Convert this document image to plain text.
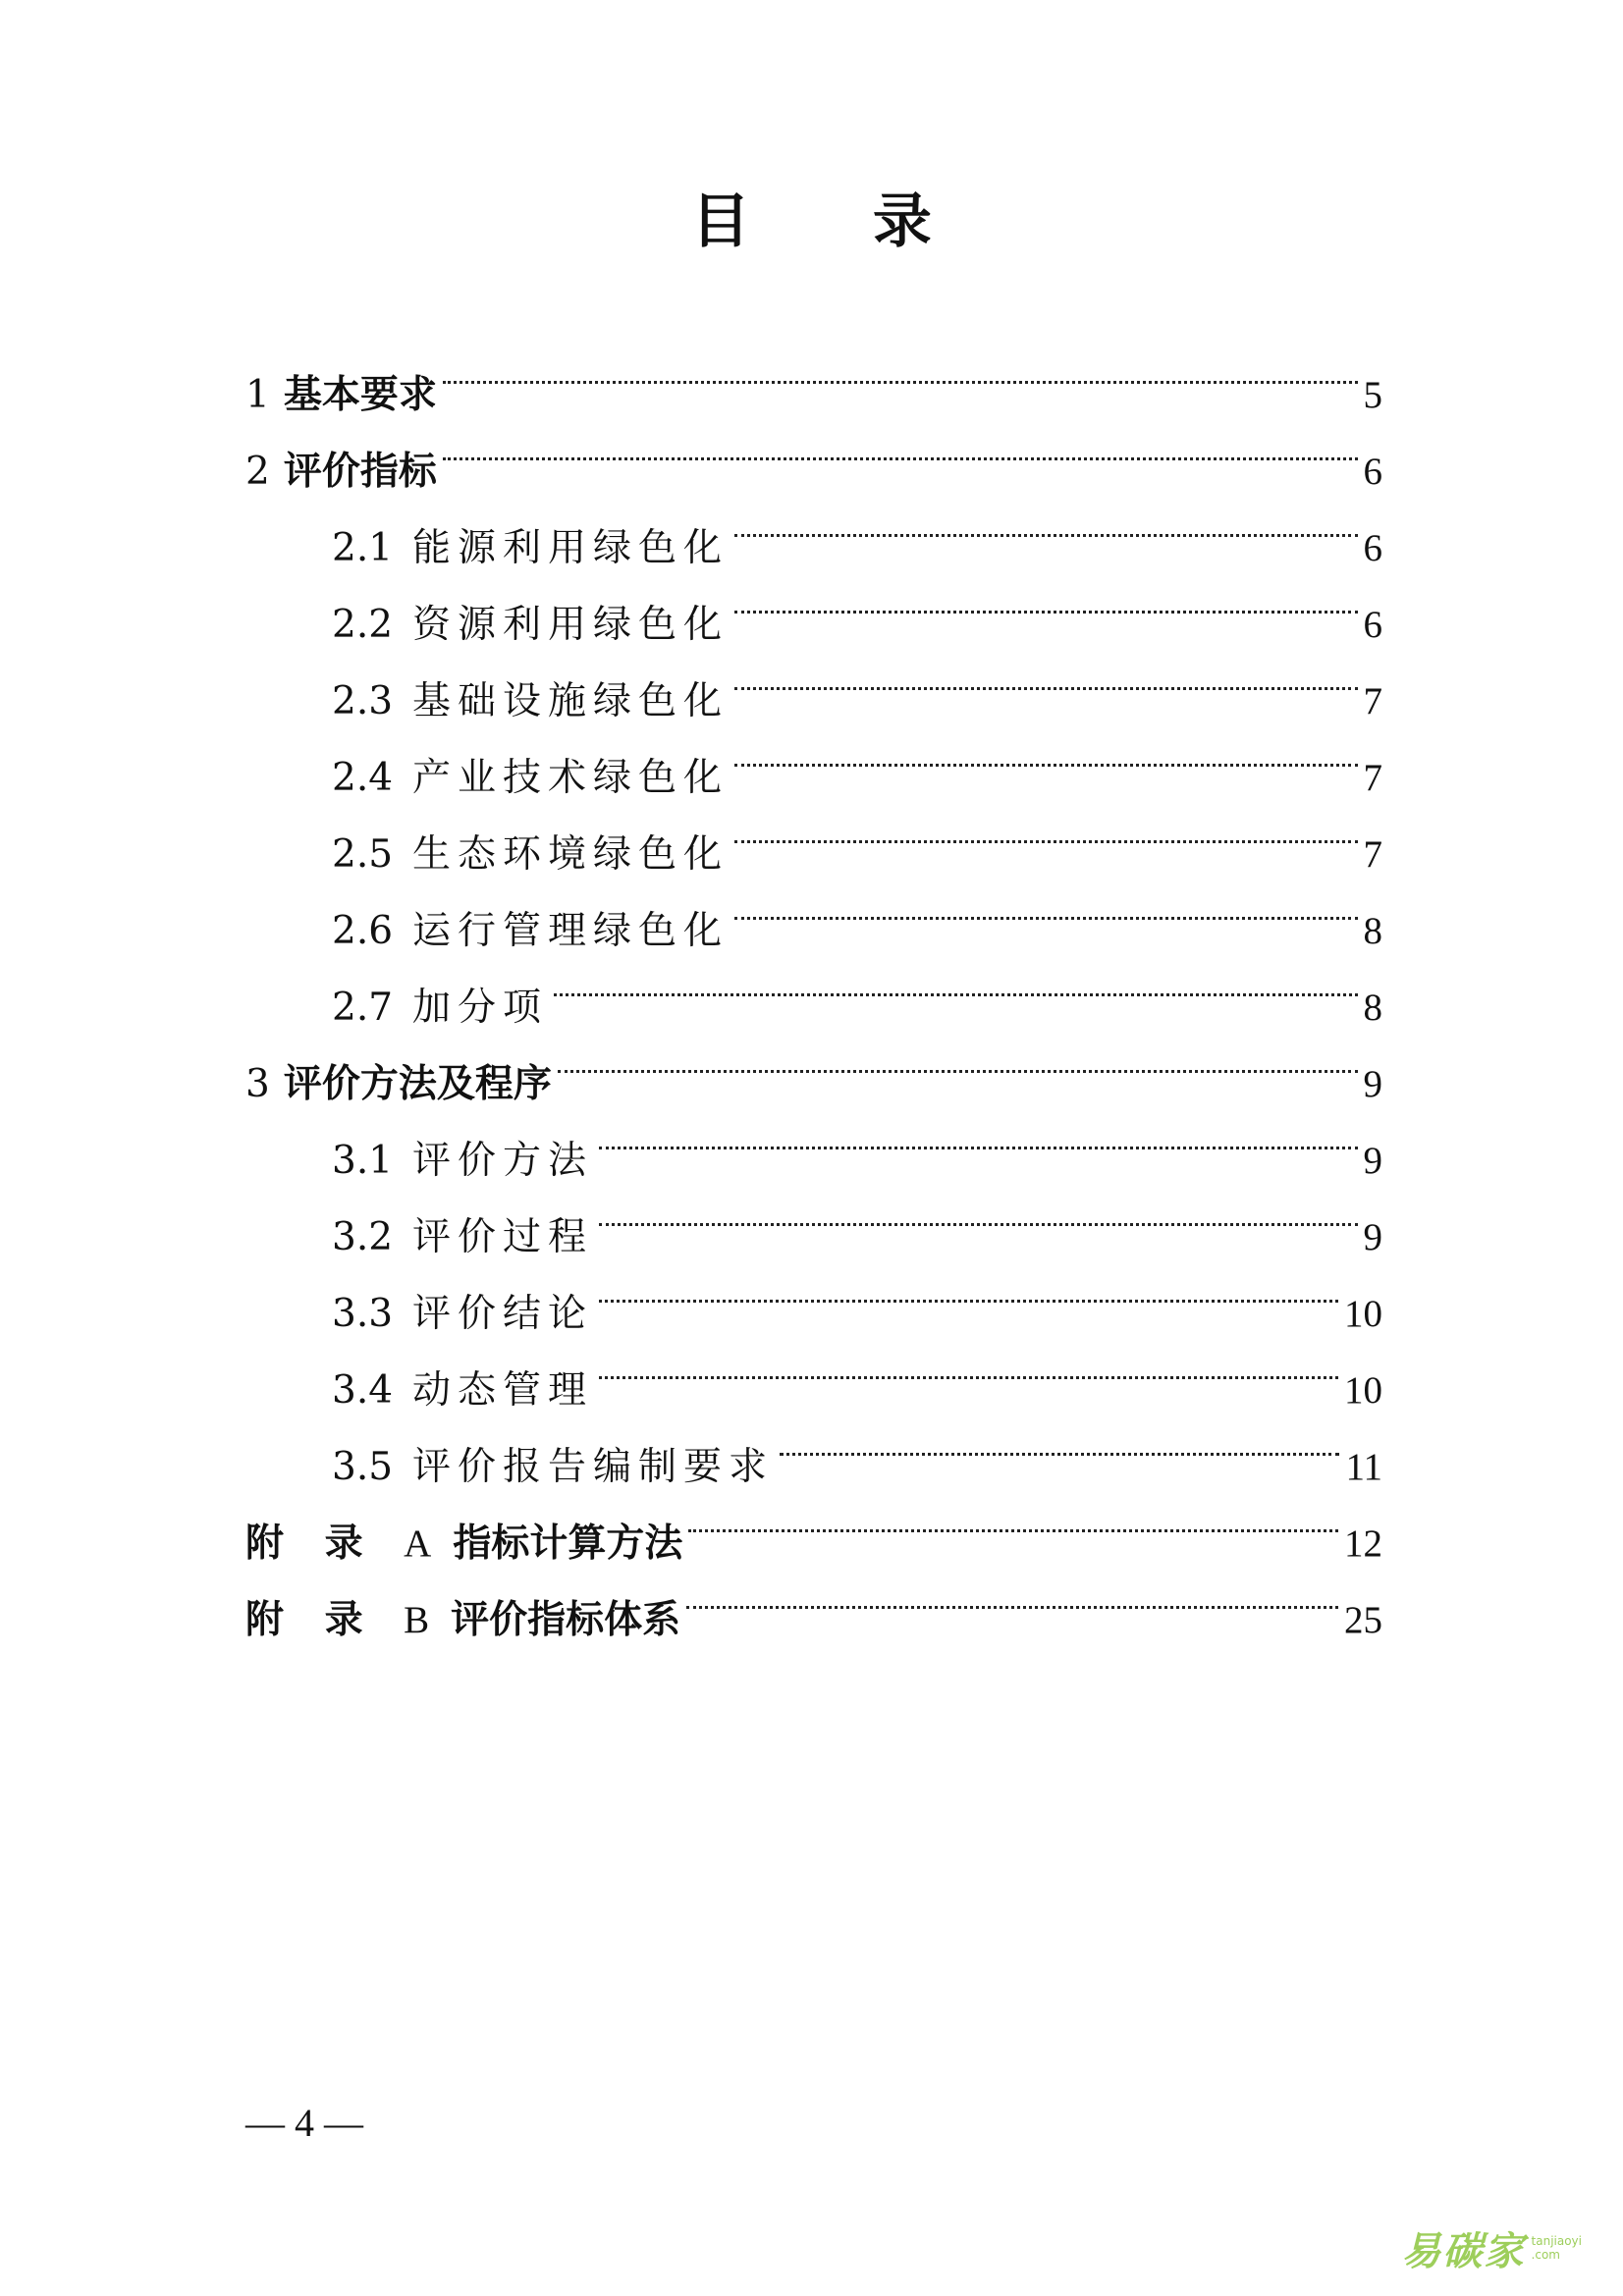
目 录
1 基本要求	5
2 评价指标	6
2.1 能源利用绿色化	6
2.2 资源利用绿色化	6
2.3 基础设施绿色化	7
2.4 产业技术绿色化	7
2.5 生态环境绿色化	7
2.6 运行管理绿色化	8
2.7 加分项	8
3 评价方法及程序	9
3.1 评价方法	9
3.2 评价过程	9
3.3 评价结论	10
3.4 动态管理	10
3.5 评价报告编制要求	11
附 录 A 指标计算方法	12
附 录 B 评价指标体系	25
— 4 —
易碳家 tanjiaoyi
.com
